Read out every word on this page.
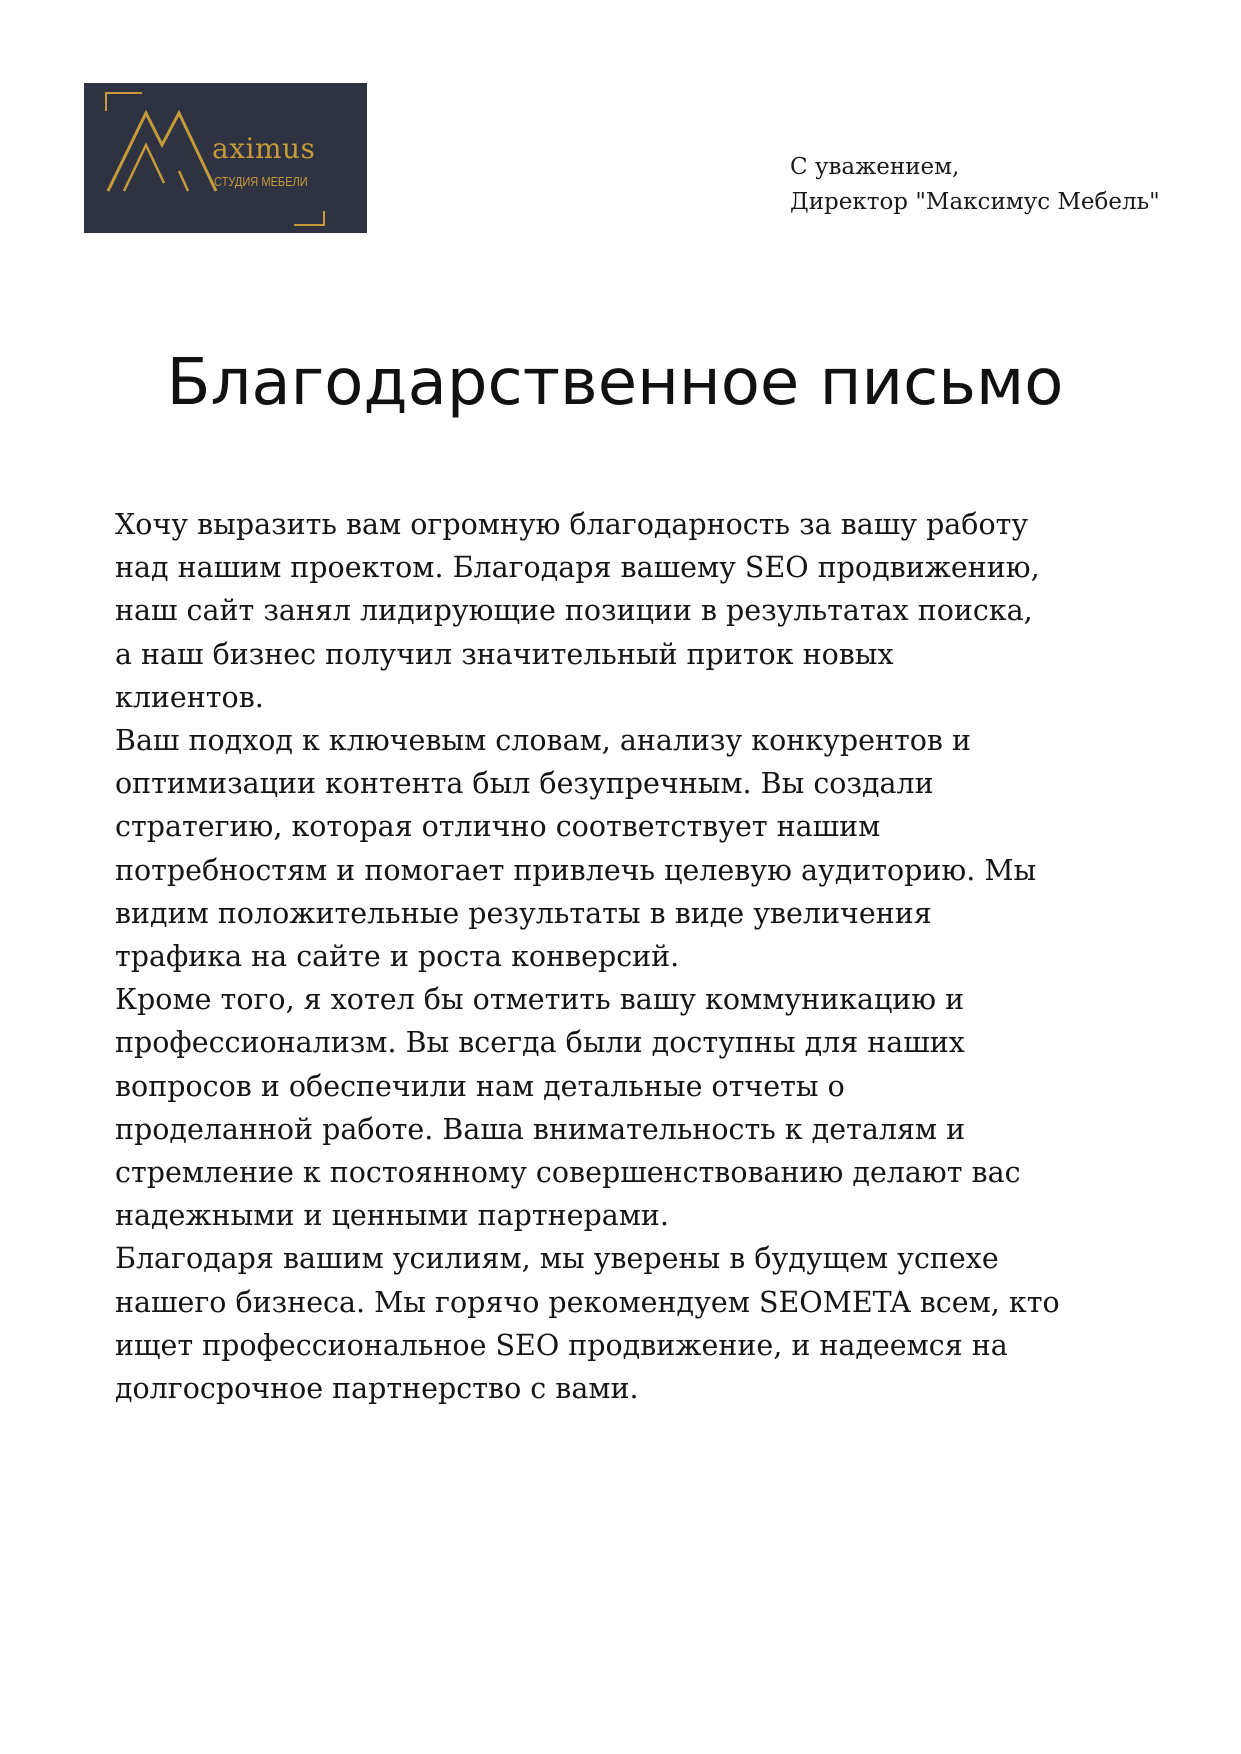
aximus
СТУДИЯ МЕБЕЛИ
С уважением,
Директор "Максимус Мебель"
Благодарственное письмо
Хочу выразить вам огромную благодарность за вашу работу
над нашим проектом. Благодаря вашему SEO продвижению,
наш сайт занял лидирующие позиции в результатах поиска,
а наш бизнес получил значительный приток новых
клиентов.
Ваш подход к ключевым словам, анализу конкурентов и
оптимизации контента был безупречным. Вы создали
стратегию, которая отлично соответствует нашим
потребностям и помогает привлечь целевую аудиторию. Мы
видим положительные результаты в виде увеличения
трафика на сайте и роста конверсий.
Кроме того, я хотел бы отметить вашу коммуникацию и
профессионализм. Вы всегда были доступны для наших
вопросов и обеспечили нам детальные отчеты о
проделанной работе. Ваша внимательность к деталям и
стремление к постоянному совершенствованию делают вас
надежными и ценными партнерами.
Благодаря вашим усилиям, мы уверены в будущем успехе
нашего бизнеса. Мы горячо рекомендуем SEOMETA всем, кто
ищет профессиональное SEO продвижение, и надеемся на
долгосрочное партнерство с вами.
